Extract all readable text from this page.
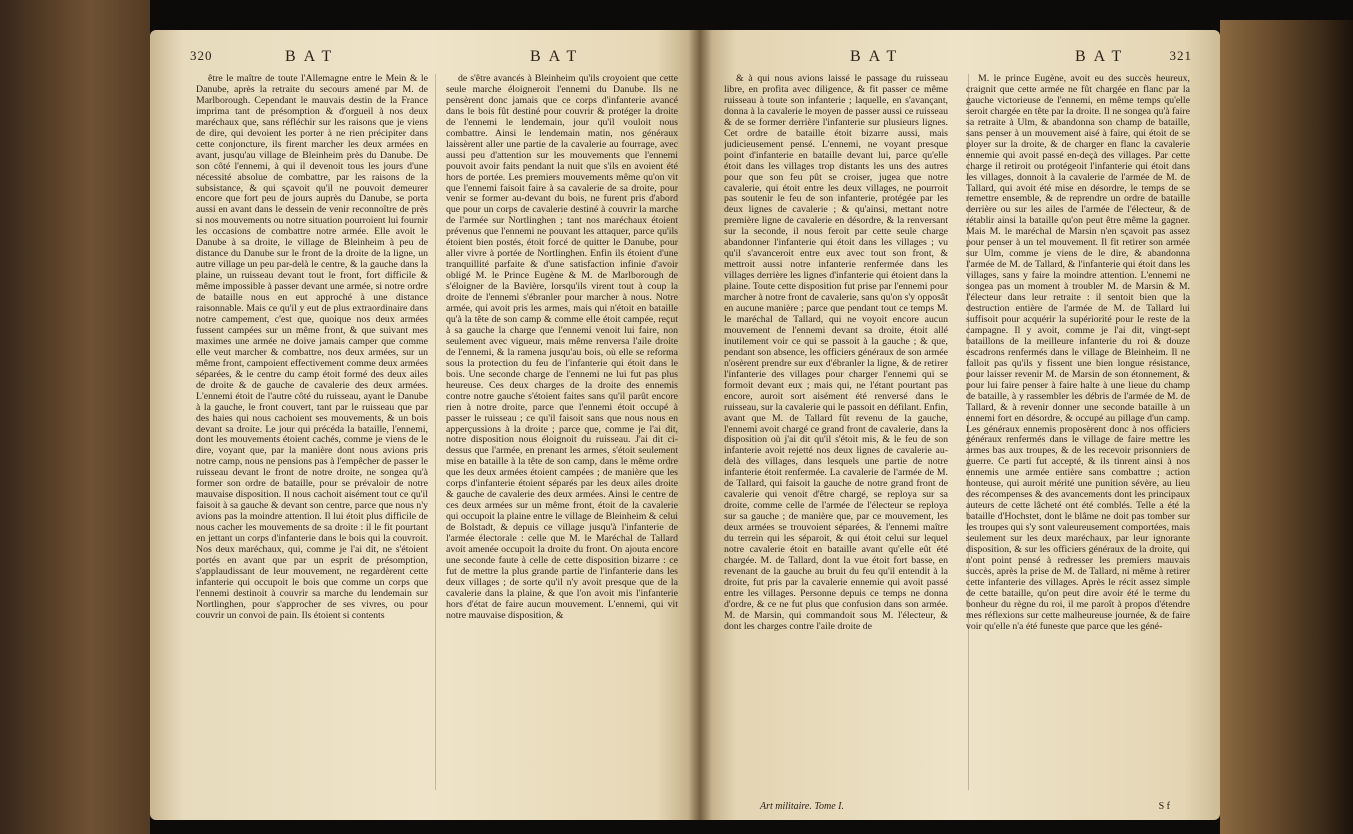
320	BAT	BAT

être le maître de toute l'Allemagne entre le Mein & le Danube, après la retraite du secours amené par M. de Marlborough. Cependant le mauvais destin de la France imprima tant de présomption & d'orgueil à nos deux maréchaux que, sans réfléchir sur les raisons que je viens de dire, qui devoient les porter à ne rien précipiter dans cette conjoncture, ils firent marcher les deux armées en avant, jusqu'au village de Bleinheim près du Danube. De son côté l'ennemi, à qui il devenoit tous les jours d'une nécessité absolue de combattre, par les raisons de la subsistance, & qui sçavoit qu'il ne pouvoit demeurer encore que fort peu de jours auprès du Danube, se porta aussi en avant dans le dessein de venir reconnoître de près si nos mouvements ou notre situation pourroient lui fournir les occasions de combattre notre armée. Elle avoit le Danube à sa droite, le village de Bleinheim à peu de distance du Danube sur le front de la droite de la ligne, un autre village un peu par-delà le centre, & la gauche dans la plaine, un ruisseau devant tout le front, fort difficile & même impossible à passer devant une armée, si notre ordre de bataille nous en eut approché à une distance raisonnable. Mais ce qu'il y eut de plus extraordinaire dans notre campement, c'est que, quoique nos deux armées fussent campées sur un même front, & que suivant mes maximes une armée ne doive jamais camper que comme elle veut marcher & combattre, nos deux armées, sur un même front, campoient effectivement comme deux armées séparées, & le centre du camp étoit formé des deux ailes de droite & de gauche de cavalerie des deux armées. L'ennemi étoit de l'autre côté du ruisseau, ayant le Danube à la gauche, le front couvert, tant par le ruisseau que par des haies qui nous cachoient ses mouvements, & un bois devant sa droite. Le jour qui précéda la bataille, l'ennemi, dont les mouvements étoient cachés, comme je viens de le dire, voyant que, par la manière dont nous avions pris notre camp, nous ne pensions pas à l'empêcher de passer le ruisseau devant le front de notre droite, ne songea qu'à former son ordre de bataille, pour se prévaloir de notre mauvaise disposition. Il nous cachoit aisément tout ce qu'il faisoit à sa gauche & devant son centre, parce que nous n'y avions pas la moindre attention. Il lui étoit plus difficile de nous cacher les mouvements de sa droite : il le fit pourtant en jettant un corps d'infanterie dans le bois qui la couvroit. Nos deux maréchaux, qui, comme je l'ai dit, ne s'étoient portés en avant que par un esprit de présomption, s'applaudissant de leur mouvement, ne regardèrent cette infanterie qui occupoit le bois que comme un corps que l'ennemi destinoit à couvrir sa marche du lendemain sur Nortlinghen, pour s'approcher de ses vivres, ou pour couvrir un convoi de pain. Ils étoient si contents

de s'être avancés à Bleinheim qu'ils croyoient que cette seule marche éloigneroit l'ennemi du Danube. Ils ne pensèrent donc jamais que ce corps d'infanterie avancé dans le bois fût destiné pour couvrir & protéger la droite de l'ennemi le lendemain, jour qu'il vouloit nous combattre. Ainsi le lendemain matin, nos généraux laissèrent aller une partie de la cavalerie au fourrage, avec aussi peu d'attention sur les mouvements que l'ennemi pouvoit avoir faits pendant la nuit que s'ils en avoient été hors de portée. Les premiers mouvements même qu'on vit que l'ennemi faisoit faire à sa cavalerie de sa droite, pour venir se former au-devant du bois, ne furent pris d'abord que pour un corps de cavalerie destiné à couvrir la marche de l'armée sur Nortlinghen ; tant nos maréchaux étoient prévenus que l'ennemi ne pouvant les attaquer, parce qu'ils étoient bien postés, étoit forcé de quitter le Danube, pour aller vivre à portée de Nortlinghen. Enfin ils étoient d'une tranquillité parfaite & d'une satisfaction infinie d'avoir obligé M. le Prince Eugène & M. de Marlborough de s'éloigner de la Bavière, lorsqu'ils virent tout à coup la droite de l'ennemi s'ébranler pour marcher à nous. Notre armée, qui avoit pris les armes, mais qui n'étoit en bataille qu'à la tête de son camp & comme elle étoit campée, reçut à sa gauche la charge que l'ennemi venoit lui faire, non seulement avec vigueur, mais même renversa l'aile droite de l'ennemi, & la ramena jusqu'au bois, où elle se reforma sous la protection du feu de l'infanterie qui étoit dans le bois. Une seconde charge de l'ennemi ne lui fut pas plus heureuse. Ces deux charges de la droite des ennemis contre notre gauche s'étoient faites sans qu'il parût encore rien à notre droite, parce que l'ennemi étoit occupé à passer le ruisseau ; ce qu'il faisoit sans que nous nous en apperçussions à la droite ; parce que, comme je l'ai dit, notre disposition nous éloignoit du ruisseau. J'ai dit ci-dessus que l'armée, en prenant les armes, s'étoit seulement mise en bataille à la tête de son camp, dans le même ordre que les deux armées étoient campées ; de manière que les corps d'infanterie étoient séparés par les deux ailes droite & gauche de cavalerie des deux armées. Ainsi le centre de ces deux armées sur un même front, étoit de la cavalerie qui occupoit la plaine entre le village de Bleinheim & celui de Bolstadt, & depuis ce village jusqu'à l'infanterie de l'armée électorale : celle que M. le Maréchal de Tallard avoit amenée occupoit la droite du front. On ajouta encore une seconde faute à celle de cette disposition bizarre : ce fut de mettre la plus grande partie de l'infanterie dans les deux villages ; de sorte qu'il n'y avoit presque que de la cavalerie dans la plaine, & que l'on avoit mis l'infanterie hors d'état de faire aucun mouvement. L'ennemi, qui vit notre mauvaise disposition, &

BAT	BAT	321

& à qui nous avions laissé le passage du ruisseau libre, en profita avec diligence, & fit passer ce même ruisseau à toute son infanterie ; laquelle, en s'avançant, donna à la cavalerie le moyen de passer aussi ce ruisseau & de se former derrière l'infanterie sur plusieurs lignes. Cet ordre de bataille étoit bizarre aussi, mais judicieusement pensé. L'ennemi, ne voyant presque point d'infanterie en bataille devant lui, parce qu'elle étoit dans les villages trop distants les uns des autres pour que son feu pût se croiser, jugea que notre cavalerie, qui étoit entre les deux villages, ne pourroit pas soutenir le feu de son infanterie, protégée par les deux lignes de cavalerie ; & qu'ainsi, mettant notre première ligne de cavalerie en désordre, & la renversant sur la seconde, il nous feroit par cette seule charge abandonner l'infanterie qui étoit dans les villages ; vu qu'il s'avanceroit entre eux avec tout son front, & mettroit aussi notre infanterie renfermée dans les villages derrière les lignes d'infanterie qui étoient dans la plaine. Toute cette disposition fut prise par l'ennemi pour marcher à notre front de cavalerie, sans qu'on s'y opposât en aucune manière ; parce que pendant tout ce temps M. le maréchal de Tallard, qui ne voyoit encore aucun mouvement de l'ennemi devant sa droite, étoit allé inutilement voir ce qui se passoit à la gauche ; & que, pendant son absence, les officiers généraux de son armée n'osèrent prendre sur eux d'ébranler la ligne, & de retirer l'infanterie des villages pour charger l'ennemi qui se formoit devant eux ; mais qui, ne l'étant pourtant pas encore, auroit sort aisément été renversé dans le ruisseau, sur la cavalerie qui le passoit en défilant. Enfin, avant que M. de Tallard fût revenu de la gauche, l'ennemi avoit chargé ce grand front de cavalerie, dans la disposition où j'ai dit qu'il s'étoit mis, & le feu de son infanterie avoit rejetté nos deux lignes de cavalerie au-delà des villages, dans lesquels une partie de notre infanterie étoit renfermée. La cavalerie de l'armée de M. de Tallard, qui faisoit la gauche de notre grand front de cavalerie qui venoit d'être chargé, se reploya sur sa droite, comme celle de l'armée de l'électeur se reploya sur sa gauche ; de manière que, par ce mouvement, les deux armées se trouvoient séparées, & l'ennemi maître du terrein qui les séparoit, & qui étoit celui sur lequel notre cavalerie étoit en bataille avant qu'elle eût été chargée. M. de Tallard, dont la vue étoit fort basse, en revenant de la gauche au bruit du feu qu'il entendit à la droite, fut pris par la cavalerie ennemie qui avoit passé entre les villages. Personne depuis ce temps ne donna d'ordre, & ce ne fut plus que confusion dans son armée. M. de Marsin, qui commandoit sous M. l'électeur, & dont les charges contre l'aile droite de

M. le prince Eugène, avoit eu des succès heureux, craignit que cette armée ne fût chargée en flanc par la gauche victorieuse de l'ennemi, en même temps qu'elle seroit chargée en tête par la droite. Il ne songea qu'à faire sa retraite à Ulm, & abandonna son champ de bataille, sans penser à un mouvement aisé à faire, qui étoit de se ployer sur la droite, & de charger en flanc la cavalerie ennemie qui avoit passé en-deçà des villages. Par cette charge il retiroit ou protégeoit l'infanterie qui étoit dans les villages, donnoit à la cavalerie de l'armée de M. de Tallard, qui avoit été mise en désordre, le temps de se remettre ensemble, & de reprendre un ordre de bataille derrière ou sur les ailes de l'armée de l'électeur, & de rétablir ainsi la bataille qu'on peut être même la gagner. Mais M. le maréchal de Marsin n'en sçavoit pas assez pour penser à un tel mouvement. Il fit retirer son armée sur Ulm, comme je viens de le dire, & abandonna l'armée de M. de Tallard, & l'infanterie qui étoit dans les villages, sans y faire la moindre attention. L'ennemi ne songea pas un moment à troubler M. de Marsin & M. l'électeur dans leur retraite : il sentoit bien que la destruction entière de l'armée de M. de Tallard lui suffisoit pour acquérir la supériorité pour le reste de la campagne. Il y avoit, comme je l'ai dit, vingt-sept bataillons de la meilleure infanterie du roi & douze escadrons renfermés dans le village de Bleinheim. Il ne falloit pas qu'ils y fissent une bien longue résistance, pour laisser revenir M. de Marsin de son étonnement, & pour lui faire penser à faire halte à une lieue du champ de bataille, à y rassembler les débris de l'armée de M. de Tallard, & à revenir donner une seconde bataille à un ennemi fort en désordre, & occupé au pillage d'un camp. Les généraux ennemis proposèrent donc à nos officiers généraux renfermés dans le village de faire mettre les armes bas aux troupes, & de les recevoir prisonniers de guerre. Ce parti fut accepté, & ils tinrent ainsi à nos ennemis une armée entière sans combattre ; action honteuse, qui auroit mérité une punition sévère, au lieu des récompenses & des avancements dont les principaux auteurs de cette lâcheté ont été comblés. Telle a été la bataille d'Hochstet, dont le blâme ne doit pas tomber sur les troupes qui s'y sont valeureusement comportées, mais seulement sur les deux maréchaux, par leur ignorante disposition, & sur les officiers généraux de la droite, qui n'ont point pensé à redresser les premiers mauvais succès, après la prise de M. de Tallard, ni même à retirer cette infanterie des villages. Après le récit assez simple de cette bataille, qu'on peut dire avoir été le terme du bonheur du règne du roi, il me paroît à propos d'étendre mes réflexions sur cette malheureuse journée, & de faire voir qu'elle n'a été funeste que parce que les géné-

Art militaire. Tome I.	S f
